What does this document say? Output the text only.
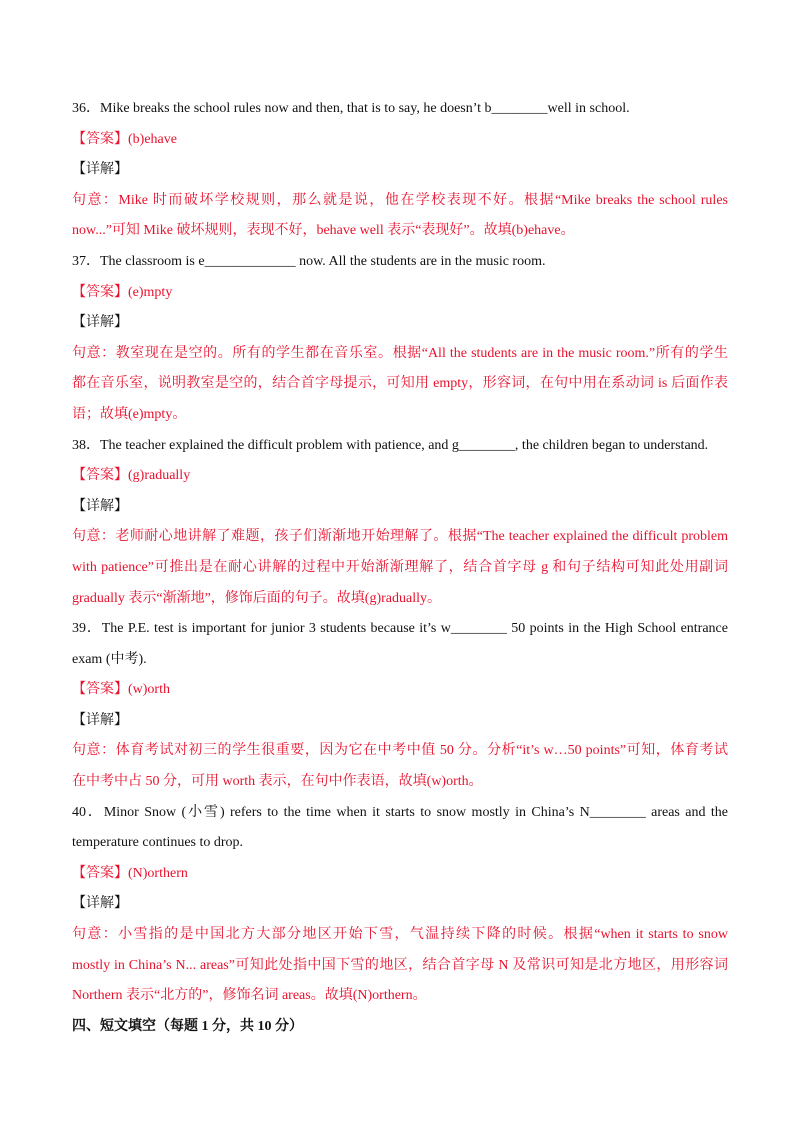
36．Mike breaks the school rules now and then, that is to say, he doesn’t b________well in school.
【答案】(b)ehave
【详解】
句意：Mike 时而破坏学校规则，那么就是说，他在学校表现不好。根据“Mike breaks the school rules
now...”可知 Mike 破坏规则，表现不好，behave well 表示“表现好”。故填(b)ehave。
37．The classroom is e_____________ now. All the students are in the music room.
【答案】(e)mpty
【详解】
句意：教室现在是空的。所有的学生都在音乐室。根据“All the students are in the music room.”所有的学生
都在音乐室，说明教室是空的，结合首字母提示，可知用 empty，形容词，在句中用在系动词 is 后面作表
语；故填(e)mpty。
38．The teacher explained the difficult problem with patience, and g________, the children began to understand.
【答案】(g)radually
【详解】
句意：老师耐心地讲解了难题，孩子们渐渐地开始理解了。根据“The teacher explained the difficult problem
with patience”可推出是在耐心讲解的过程中开始渐渐理解了，结合首字母 g 和句子结构可知此处用副词
gradually 表示“渐渐地”，修饰后面的句子。故填(g)radually。
39．The P.E. test is important for junior 3 students because it’s w________ 50 points in the High School entrance
exam (中考).
【答案】(w)orth
【详解】
句意：体育考试对初三的学生很重要，因为它在中考中值 50 分。分析“it’s w…50 points”可知，体育考试
在中考中占 50 分，可用 worth 表示，在句中作表语，故填(w)orth。
40．Minor Snow (小雪) refers to the time when it starts to snow mostly in China’s N________ areas and the
temperature continues to drop.
【答案】(N)orthern
【详解】
句意：小雪指的是中国北方大部分地区开始下雪，气温持续下降的时候。根据“when it starts to snow
mostly in China’s N... areas”可知此处指中国下雪的地区，结合首字母 N 及常识可知是北方地区，用形容词
Northern 表示“北方的”，修饰名词 areas。故填(N)orthern。
四、短文填空（每题 1 分，共 10 分）
